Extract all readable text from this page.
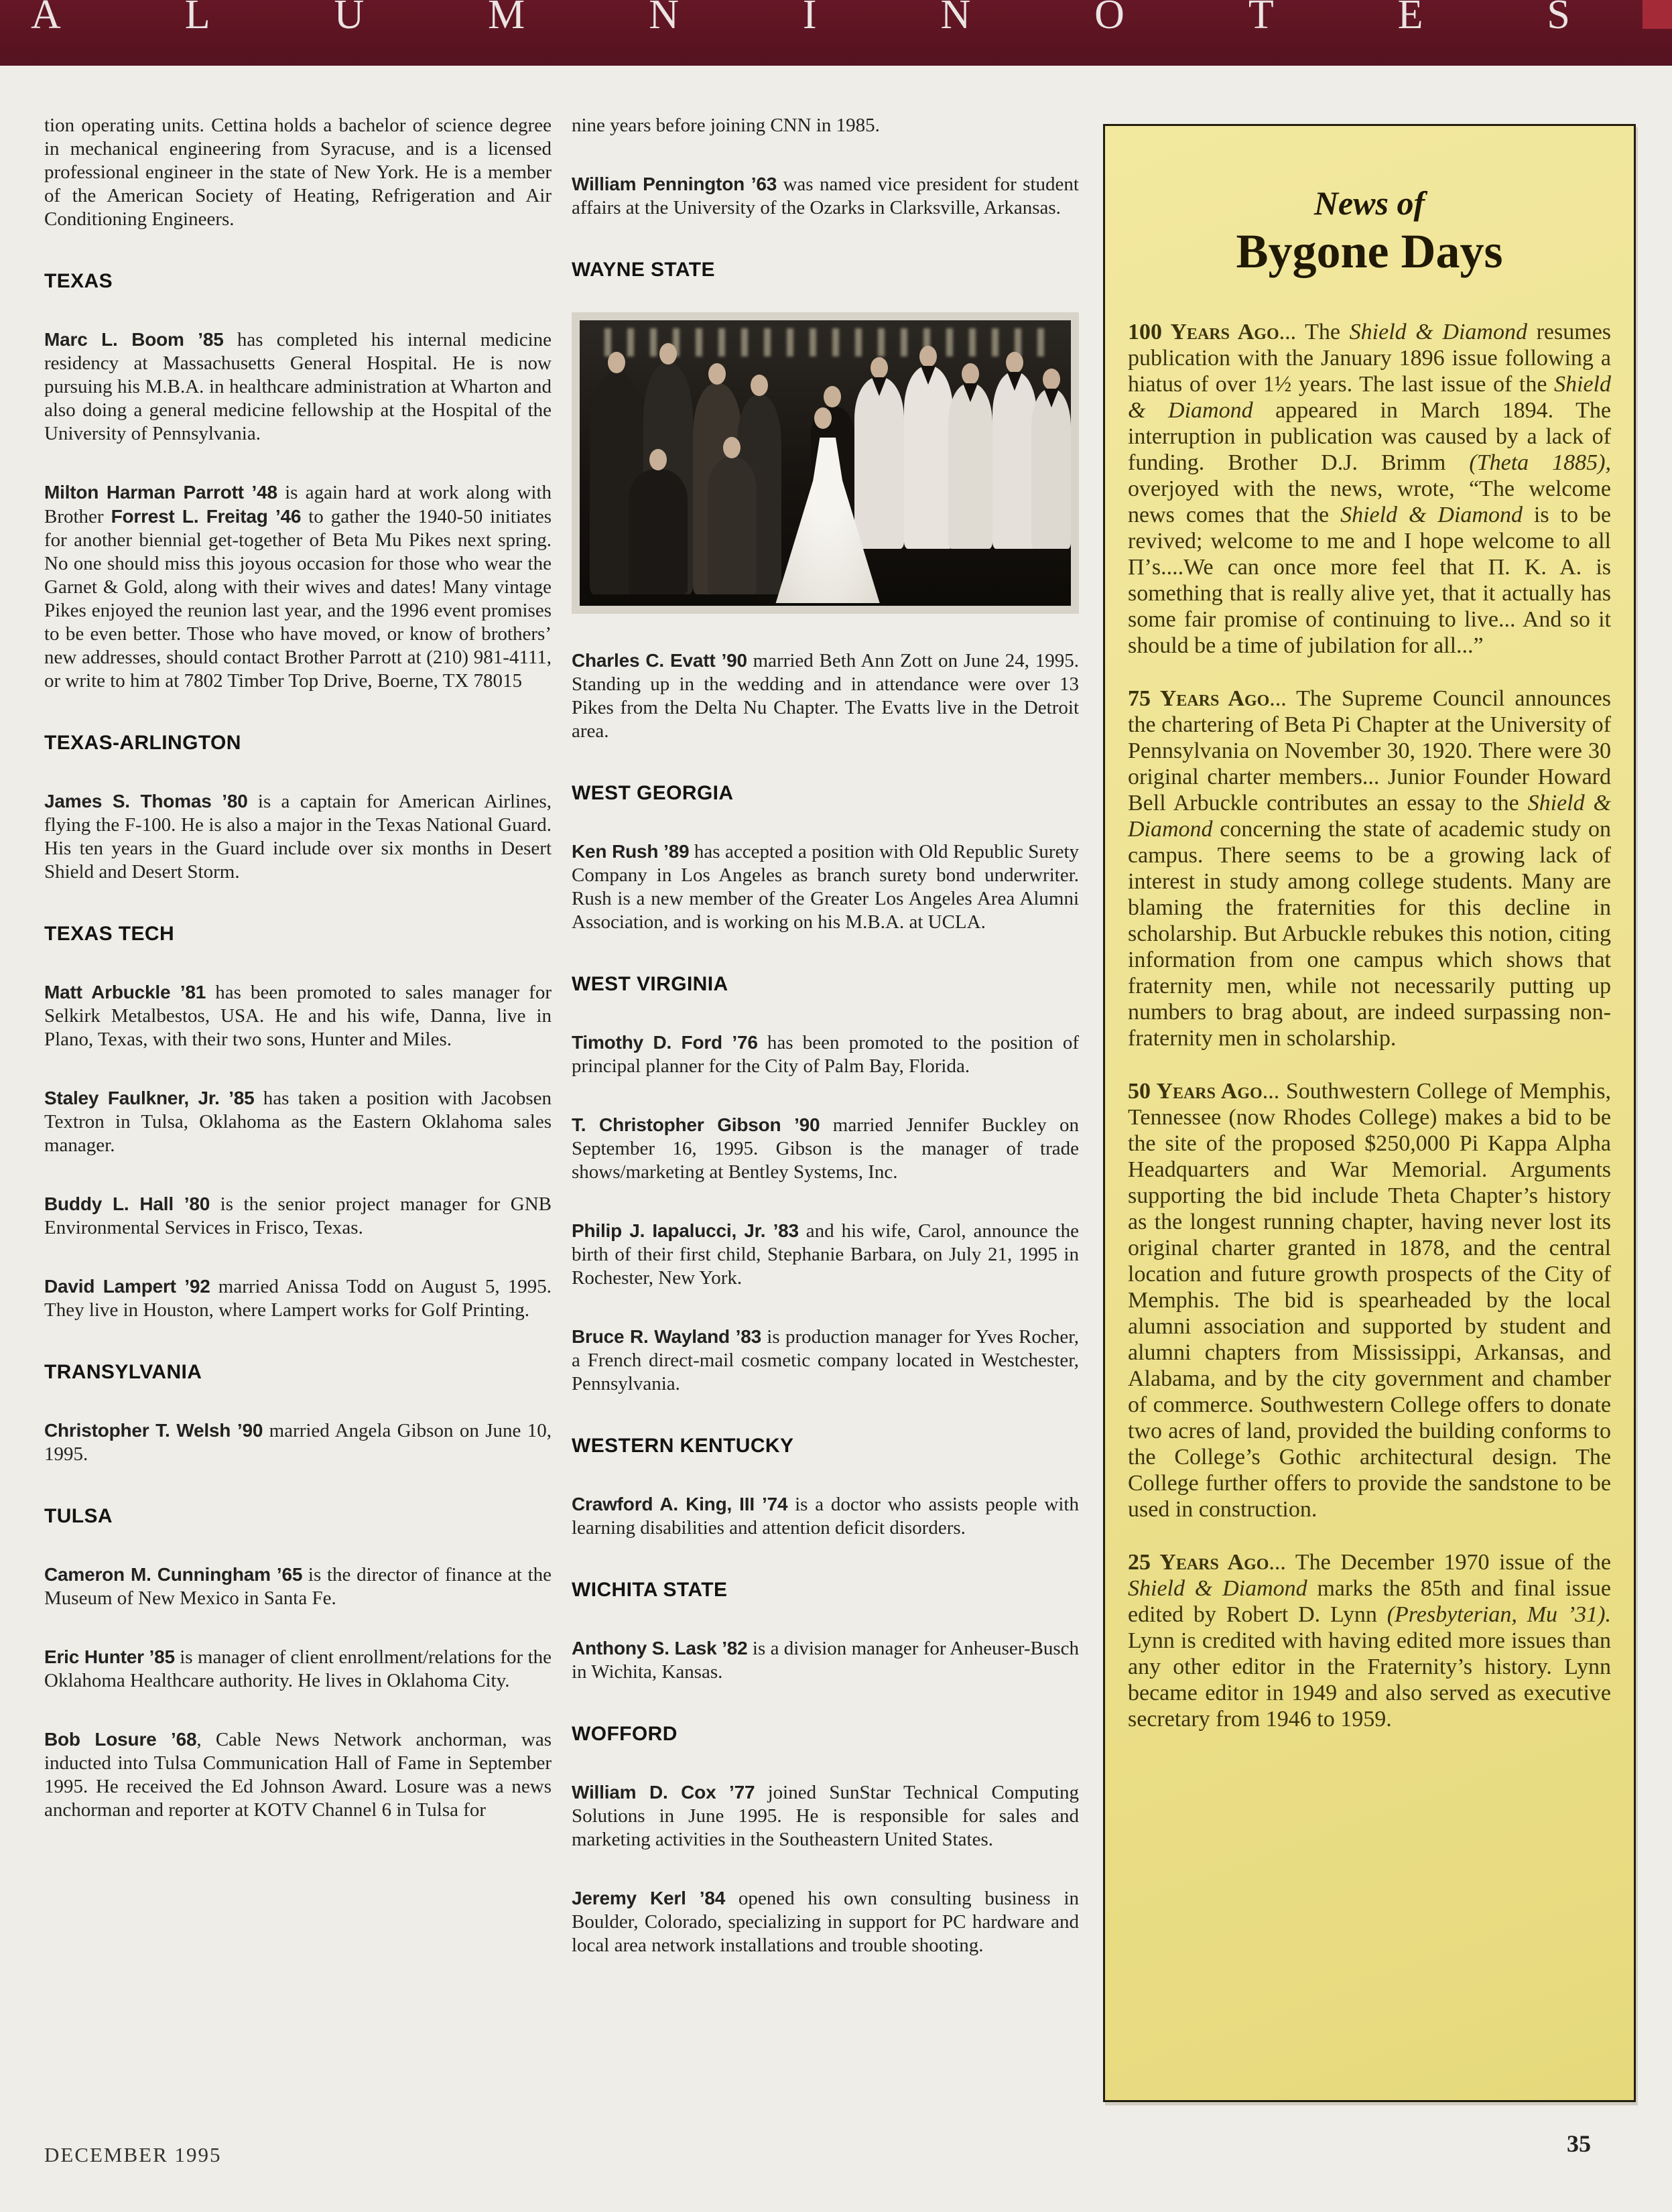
A	L	U	M	N	I	N	O	T	E	S

tion operating units. Cettina holds a bachelor of science degree in mechanical engineering from Syracuse, and is a licensed professional engineer in the state of New York. He is a member of the American Society of Heating, Refrigeration and Air Conditioning Engineers.

TEXAS

Marc L. Boom ’85 has completed his internal medicine residency at Massachusetts General Hospital. He is now pursuing his M.B.A. in healthcare administration at Wharton and also doing a general medicine fellowship at the Hospital of the University of Pennsylvania.

Milton Harman Parrott ’48 is again hard at work along with Brother Forrest L. Freitag ’46 to gather the 1940-50 initiates for another biennial get-together of Beta Mu Pikes next spring. No one should miss this joyous occasion for those who wear the Garnet & Gold, along with their wives and dates! Many vintage Pikes enjoyed the reunion last year, and the 1996 event promises to be even better. Those who have moved, or know of brothers’ new addresses, should contact Brother Parrott at (210) 981-4111, or write to him at 7802 Timber Top Drive, Boerne, TX 78015

TEXAS-ARLINGTON

James S. Thomas ’80 is a captain for American Airlines, flying the F-100. He is also a major in the Texas National Guard. His ten years in the Guard include over six months in Desert Shield and Desert Storm.

TEXAS TECH

Matt Arbuckle ’81 has been promoted to sales manager for Selkirk Metalbestos, USA. He and his wife, Danna, live in Plano, Texas, with their two sons, Hunter and Miles.

Staley Faulkner, Jr. ’85 has taken a position with Jacobsen Textron in Tulsa, Oklahoma as the Eastern Oklahoma sales manager.

Buddy L. Hall ’80 is the senior project manager for GNB Environmental Services in Frisco, Texas.

David Lampert ’92 married Anissa Todd on August 5, 1995. They live in Houston, where Lampert works for Golf Printing.

TRANSYLVANIA

Christopher T. Welsh ’90 married Angela Gibson on June 10, 1995.

TULSA

Cameron M. Cunningham ’65 is the director of finance at the Museum of New Mexico in Santa Fe.

Eric Hunter ’85 is manager of client enrollment/relations for the Oklahoma Healthcare authority. He lives in Oklahoma City.

Bob Losure ’68, Cable News Network anchorman, was inducted into Tulsa Communication Hall of Fame in September 1995. He received the Ed Johnson Award. Losure was a news anchorman and reporter at KOTV Channel 6 in Tulsa for

nine years before joining CNN in 1985.

William Pennington ’63 was named vice president for student affairs at the University of the Ozarks in Clarksville, Arkansas.

WAYNE STATE

Charles C. Evatt ’90 married Beth Ann Zott on June 24, 1995. Standing up in the wedding and in attendance were over 13 Pikes from the Delta Nu Chapter. The Evatts live in the Detroit area.

WEST GEORGIA

Ken Rush ’89 has accepted a position with Old Republic Surety Company in Los Angeles as branch surety bond underwriter. Rush is a new member of the Greater Los Angeles Area Alumni Association, and is working on his M.B.A. at UCLA.

WEST VIRGINIA

Timothy D. Ford ’76 has been promoted to the position of principal planner for the City of Palm Bay, Florida.

T. Christopher Gibson ’90 married Jennifer Buckley on September 16, 1995. Gibson is the manager of trade shows/marketing at Bentley Systems, Inc.

Philip J. Iapalucci, Jr. ’83 and his wife, Carol, announce the birth of their first child, Stephanie Barbara, on July 21, 1995 in Rochester, New York.

Bruce R. Wayland ’83 is production manager for Yves Rocher, a French direct-mail cosmetic company located in Westchester, Pennsylvania.

WESTERN KENTUCKY

Crawford A. King, III ’74 is a doctor who assists people with learning disabilities and attention deficit disorders.

WICHITA STATE

Anthony S. Lask ’82 is a division manager for Anheuser-Busch in Wichita, Kansas.

WOFFORD

William D. Cox ’77 joined SunStar Technical Computing Solutions in June 1995. He is responsible for sales and marketing activities in the Southeastern United States.

Jeremy Kerl ’84 opened his own consulting business in Boulder, Colorado, specializing in support for PC hardware and local area network installations and trouble shooting.

News of
Bygone Days

100 Years Ago... The Shield & Diamond resumes publication with the January 1896 issue following a hiatus of over 1½ years. The last issue of the Shield & Diamond appeared in March 1894. The interruption in publication was caused by a lack of funding. Brother D.J. Brimm (Theta 1885), overjoyed with the news, wrote, “The welcome news comes that the Shield & Diamond is to be revived; welcome to me and I hope welcome to all Π’s....We can once more feel that Π. K. A. is something that is really alive yet, that it actually has some fair promise of continuing to live... And so it should be a time of jubilation for all...”

75 Years Ago... The Supreme Council announces the chartering of Beta Pi Chapter at the University of Pennsylvania on November 30, 1920. There were 30 original charter members... Junior Founder Howard Bell Arbuckle contributes an essay to the Shield & Diamond concerning the state of academic study on campus. There seems to be a growing lack of interest in study among college students. Many are blaming the fraternities for this decline in scholarship. But Arbuckle rebukes this notion, citing information from one campus which shows that fraternity men, while not necessarily putting up numbers to brag about, are indeed surpassing non-fraternity men in scholarship.

50 Years Ago... Southwestern College of Memphis, Tennessee (now Rhodes College) makes a bid to be the site of the proposed $250,000 Pi Kappa Alpha Headquarters and War Memorial. Arguments supporting the bid include Theta Chapter’s history as the longest running chapter, having never lost its original charter granted in 1878, and the central location and future growth prospects of the City of Memphis. The bid is spearheaded by the local alumni association and supported by student and alumni chapters from Mississippi, Arkansas, and Alabama, and by the city government and chamber of commerce. Southwestern College offers to donate two acres of land, provided the building conforms to the College’s Gothic architectural design. The College further offers to provide the sandstone to be used in construction.

25 Years Ago... The December 1970 issue of the Shield & Diamond marks the 85th and final issue edited by Robert D. Lynn (Presbyterian, Mu ’31). Lynn is credited with having edited more issues than any other editor in the Fraternity’s history. Lynn became editor in 1949 and also served as executive secretary from 1946 to 1959.

DECEMBER 1995	35
